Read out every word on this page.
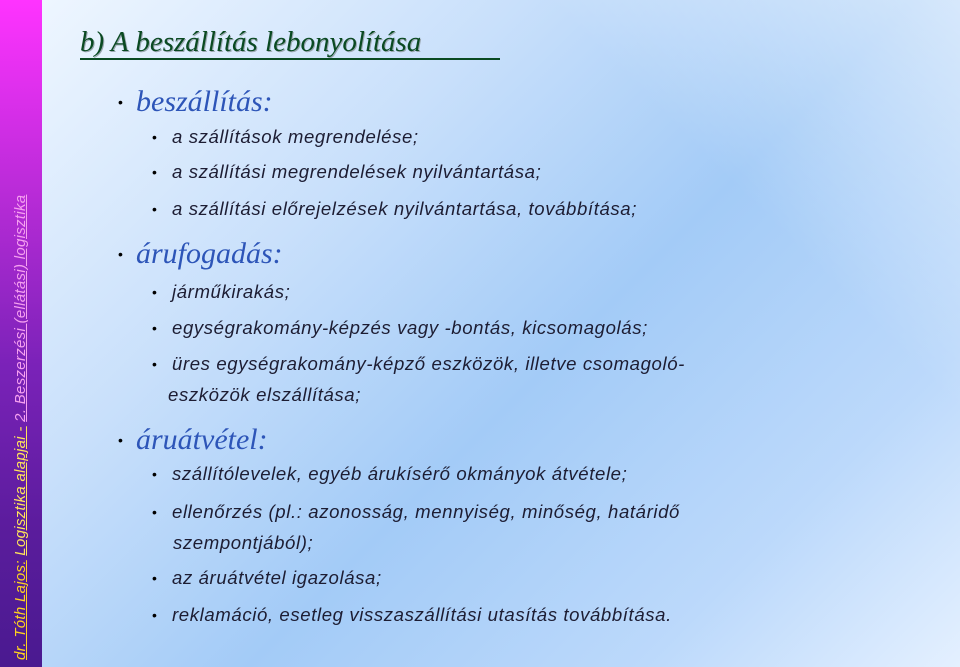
dr. Tóth Lajos: Logisztika alapjai - 2. Beszerzési (ellátási) logisztika
b) A beszállítás lebonyolítása
• beszállítás:
• a szállítások megrendelése;
• a szállítási megrendelések nyilvántartása;
• a szállítási előrejelzések nyilvántartása, továbbítása;
• árufogadás:
• járműkirakás;
• egységrakomány-képzés vagy -bontás, kicsomagolás;
• üres egységrakomány-képző eszközök, illetve csomagoló-
eszközök elszállítása;
• áruátvétel:
• szállítólevelek, egyéb árukísérő okmányok átvétele;
• ellenőrzés (pl.: azonosság, mennyiség, minőség, határidő
szempontjából);
• az áruátvétel igazolása;
• reklamáció, esetleg visszaszállítási utasítás továbbítása.
